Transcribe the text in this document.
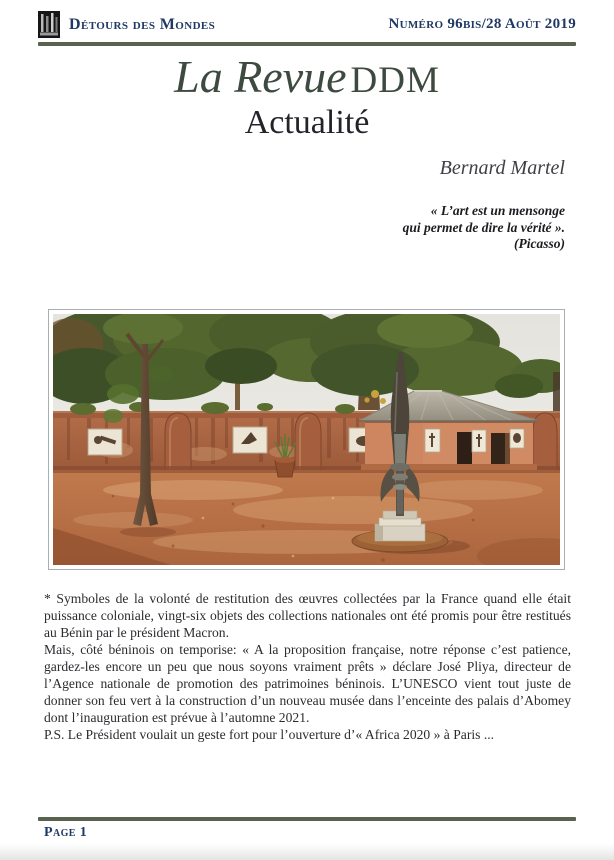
Détours des Mondes	Numéro 96bis/28 Août 2019
La Revue DDM
Actualité
Bernard Martel
« L’art est un mensonge
qui permet de dire la vérité ».
(Picasso)

* Symboles de la volonté de restitution des œuvres collectées par la France quand elle était puissance coloniale, vingt-six objets des collections nationales ont été promis pour être restitués au Bénin par le président Macron.

Mais, côté béninois on temporise: « A la proposition française, notre réponse c’est patience, gardez-les encore un peu que nous soyons vraiment prêts » déclare José Pliya, directeur de l’Agence nationale de promotion des patrimoines béninois. L’UNESCO vient tout juste de donner son feu vert à la construction d’un nouveau musée dans l’enceinte des palais d’Abomey dont l’inauguration est prévue à l’automne 2021.

P.S. Le Président voulait un geste fort pour l’ouverture d’« Africa 2020 » à Paris ...

Page 1
